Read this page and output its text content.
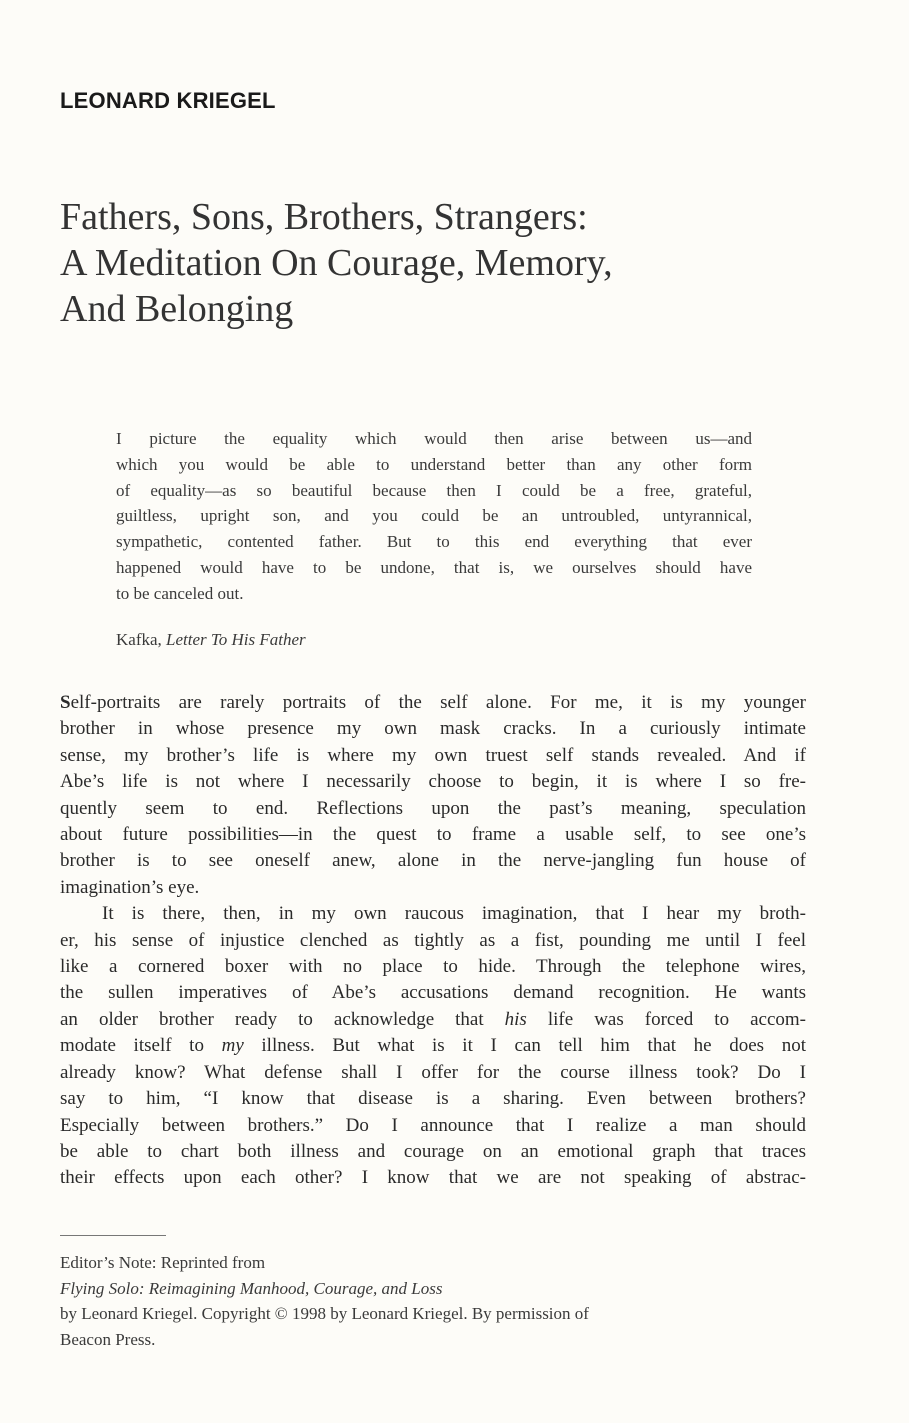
LEONARD KRIEGEL
Fathers, Sons, Brothers, Strangers:
A Meditation On Courage, Memory,
And Belonging
I picture the equality which would then arise between us—and
which you would be able to understand better than any other form
of equality—as so beautiful because then I could be a free, grateful,
guiltless, upright son, and you could be an untroubled, untyrannical,
sympathetic, contented father. But to this end everything that ever
happened would have to be undone, that is, we ourselves should have
to be canceled out.
Kafka, Letter To His Father
Self-portraits are rarely portraits of the self alone. For me, it is my younger
brother in whose presence my own mask cracks. In a curiously intimate
sense, my brother’s life is where my own truest self stands revealed. And if
Abe’s life is not where I necessarily choose to begin, it is where I so fre-
quently seem to end. Reflections upon the past’s meaning, speculation
about future possibilities—in the quest to frame a usable self, to see one’s
brother is to see oneself anew, alone in the nerve-jangling fun house of
imagination’s eye.
It is there, then, in my own raucous imagination, that I hear my broth-
er, his sense of injustice clenched as tightly as a fist, pounding me until I feel
like a cornered boxer with no place to hide. Through the telephone wires,
the sullen imperatives of Abe’s accusations demand recognition. He wants
an older brother ready to acknowledge that his life was forced to accom-
modate itself to my illness. But what is it I can tell him that he does not
already know? What defense shall I offer for the course illness took? Do I
say to him, “I know that disease is a sharing. Even between brothers?
Especially between brothers.” Do I announce that I realize a man should
be able to chart both illness and courage on an emotional graph that traces
their effects upon each other? I know that we are not speaking of abstrac-
Editor’s Note: Reprinted from
Flying Solo: Reimagining Manhood, Courage, and Loss
by Leonard Kriegel. Copyright © 1998 by Leonard Kriegel. By permission of
Beacon Press.
